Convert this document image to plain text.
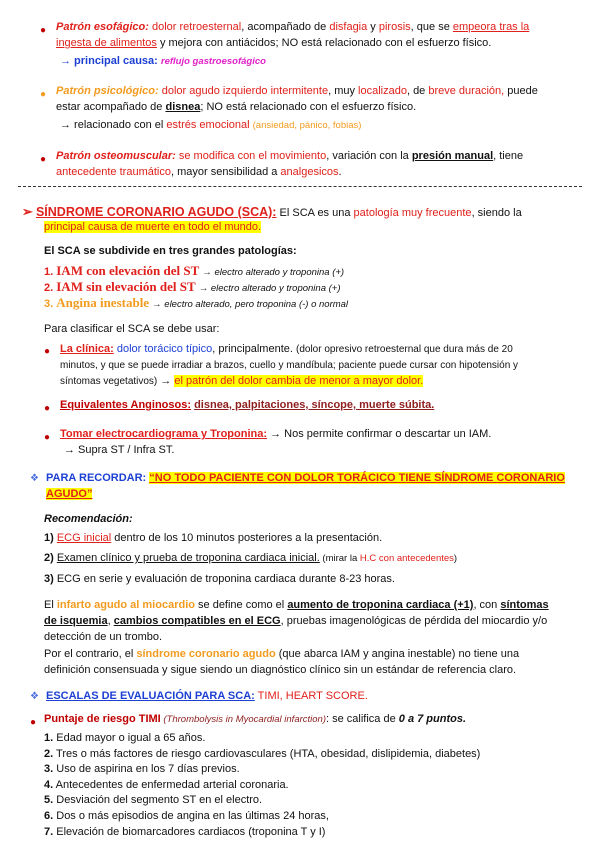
● Patrón esofágico: dolor retroesternal, acompañado de disfagia y pirosis, que se empeora tras la
ingesta de alimentos y mejora con antiácidos; NO está relacionado con el esfuerzo físico.
→ principal causa: reflujo gastroesofágico
● Patrón psicológico: dolor agudo izquierdo intermitente, muy localizado, de breve duración, puede
estar acompañado de disnea; NO está relacionado con el esfuerzo físico.
→ relacionado con el estrés emocional (ansiedad, pánico, fobias)
● Patrón osteomuscular: se modifica con el movimiento, variación con la presión manual, tiene
antecedente traumático, mayor sensibilidad a analgesicos.
➢ SÍNDROME CORONARIO AGUDO (SCA): El SCA es una patología muy frecuente, siendo la
principal causa de muerte en todo el mundo.
El SCA se subdivide en tres grandes patologías:
1. IAM con elevación del ST → electro alterado y troponina (+)
2. IAM sin elevación del ST → electro alterado y troponina (+)
3. Angina inestable → electro alterado, pero troponina (-) o normal
Para clasificar el SCA se debe usar:
● La clínica: dolor torácico típico, principalmente. (dolor opresivo retroesternal que dura más de 20
minutos, y que se puede irradiar a brazos, cuello y mandíbula; paciente puede cursar con hipotensión y
síntomas vegetativos) → el patrón del dolor cambia de menor a mayor dolor.
● Equivalentes Anginosos: disnea, palpitaciones, síncope, muerte súbita.
● Tomar electrocardiograma y Troponina: → Nos permite confirmar o descartar un IAM.
→ Supra ST / Infra ST.
❖ PARA RECORDAR: “NO TODO PACIENTE CON DOLOR TORÁCICO TIENE SÍNDROME CORONARIO
AGUDO”
Recomendación:
1) ECG inicial dentro de los 10 minutos posteriores a la presentación.
2) Examen clínico y prueba de troponina cardiaca inicial. (mirar la H.C con antecedentes)
3) ECG en serie y evaluación de troponina cardiaca durante 8-23 horas.
El infarto agudo al miocardio se define como el aumento de troponina cardiaca (+1), con síntomas
de isquemia, cambios compatibles en el ECG, pruebas imagenológicas de pérdida del miocardio y/o
detección de un trombo.
Por el contrario, el síndrome coronario agudo (que abarca IAM y angina inestable) no tiene una
definición consensuada y sigue siendo un diagnóstico clínico sin un estándar de referencia claro.
❖ ESCALAS DE EVALUACIÓN PARA SCA: TIMI, HEART SCORE.
● Puntaje de riesgo TIMI (Thrombolysis in Myocardial infarction): se califica de 0 a 7 puntos.
1. Edad mayor o igual a 65 años.
2. Tres o más factores de riesgo cardiovasculares (HTA, obesidad, dislipidemia, diabetes)
3. Uso de aspirina en los 7 días previos.
4. Antecedentes de enfermedad arterial coronaria.
5. Desviación del segmento ST en el electro.
6. Dos o más episodios de angina en las últimas 24 horas,
7. Elevación de biomarcadores cardiacos (troponina T y I)
